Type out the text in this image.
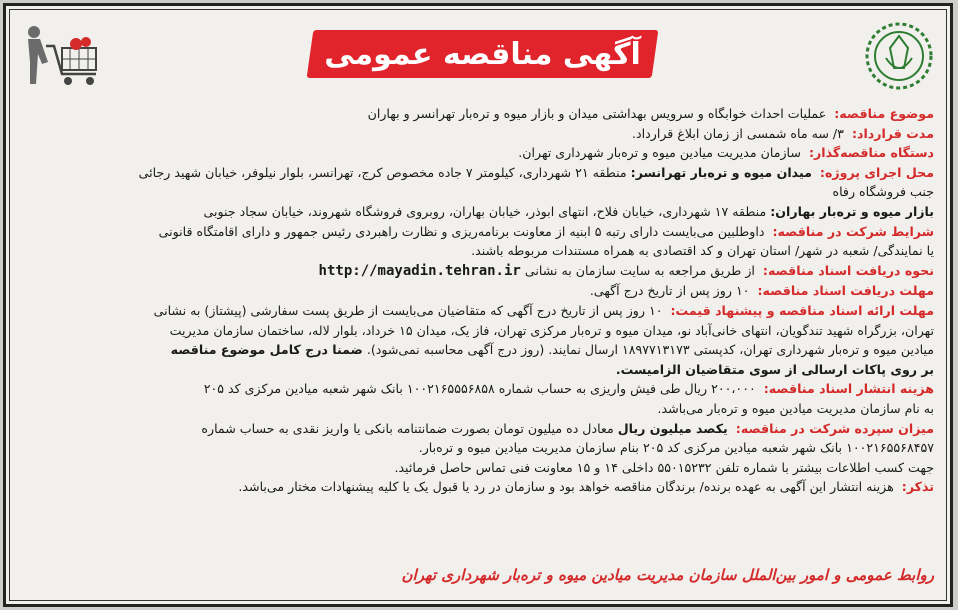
آگهی مناقصه عمومی
موضوع مناقصه: عملیات احداث خوابگاه و سرویس بهداشتی میدان و بازار میوه و تره‌بار تهرانسر و بهاران
مدت قرارداد: ۳/ سه ماه شمسی از زمان ابلاغ قرارداد.
دستگاه مناقصه‌گذار: سازمان مدیریت میادین میوه و تره‌بار شهرداری تهران.
محل اجرای پروژه: میدان میوه و تره‌بار تهرانسر: منطقه ۲۱ شهرداری، کیلومتر ۷ جاده مخصوص کرج، تهرانسر، بلوار نیلوفر، خیابان شهید رجائی
جنب فروشگاه رفاه
بازار میوه و تره‌بار بهاران: منطقه ۱۷ شهرداری، خیابان فلاح، انتهای ابوذر، خیابان بهاران، روبروی فروشگاه شهروند، خیابان سجاد جنوبی
شرایط شرکت در مناقصه: داوطلبین می‌بایست دارای رتبه ۵ ابنیه از معاونت برنامه‌ریزی و نظارت راهبردی رئیس جمهور و دارای اقامتگاه قانونی
یا نمایندگی/ شعبه در شهر/ استان تهران و کد اقتصادی به همراه مستندات مربوطه باشند.
نحوه دریافت اسناد مناقصه: از طریق مراجعه به سایت سازمان به نشانی http://mayadin.tehran.ir
مهلت دریافت اسناد مناقصه: ۱۰ روز پس از تاریخ درج آگهی.
مهلت ارائه اسناد مناقصه و پیشنهاد قیمت: ۱۰ روز پس از تاریخ درج آگهی که متقاضیان می‌بایست از طریق پست سفارشی (پیشتاز) به نشانی
تهران، بزرگراه شهید تندگویان، انتهای خانی‌آباد نو، میدان میوه و تره‌بار مرکزی تهران، فاز یک، میدان ۱۵ خرداد، بلوار لاله، ساختمان سازمان مدیریت
میادین میوه و تره‌بار شهرداری تهران، کدپستی ۱۸۹۷۷۱۳۱۷۳ ارسال نمایند. (روز درج آگهی محاسبه نمی‌شود). ضمنا درج کامل موضوع مناقصه
بر روی پاکات ارسالی از سوی متقاضیان الزامیست.
هزینه انتشار اسناد مناقصه: ۲۰۰،۰۰۰ ریال طی فیش واریزی به حساب شماره ۱۰۰۲۱۶۵۵۵۶۸۵۸ بانک شهر شعبه میادین مرکزی کد ۲۰۵
به نام سازمان مدیریت میادین میوه و تره‌بار می‌باشد.
میزان سپرده شرکت در مناقصه: یکصد میلیون ریال معادل ده میلیون تومان بصورت ضمانتنامه بانکی یا واریز نقدی به حساب شماره
۱۰۰۲۱۶۵۵۶۸۴۵۷ بانک شهر شعبه میادین مرکزی کد ۲۰۵ بنام سازمان مدیریت میادین میوه و تره‌بار.
جهت کسب اطلاعات بیشتر با شماره تلفن ۵۵۰۱۵۲۳۲ داخلی ۱۴ و ۱۵ معاونت فنی تماس حاصل فرمائید.
تذکر: هزینه انتشار این آگهی به عهده برنده/ برندگان مناقصه خواهد بود و سازمان در رد یا قبول یک یا کلیه پیشنهادات مختار می‌باشد.
روابط عمومی و امور بین‌الملل سازمان مدیریت میادین میوه و تره‌بار شهرداری تهران
